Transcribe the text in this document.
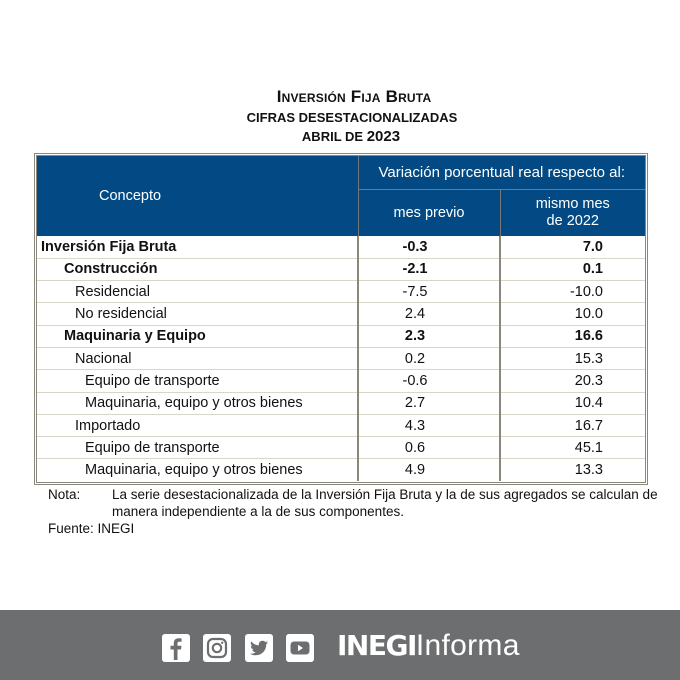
Inversión Fija Bruta
CIFRAS DESESTACIONALIZADAS
ABRIL DE 2023
Concepto	Variación porcentual real respecto al:	
	mes previo	mismo mes
de 2022

Inversión Fija Bruta	-0.3	7.0
Construcción	-2.1	0.1
Residencial	-7.5	-10.0
No residencial	2.4	10.0
Maquinaria y Equipo	2.3	16.6
Nacional	0.2	15.3
Equipo de transporte	-0.6	20.3
Maquinaria, equipo y otros bienes	2.7	10.4
Importado	4.3	16.7
Equipo de transporte	0.6	45.1
Maquinaria, equipo y otros bienes	4.9	13.3
Nota:	La serie desestacionalizada de la Inversión Fija Bruta y la de sus agregados se calculan de manera independiente a la de sus componentes.
Fuente: INEGI
INEGIInforma
